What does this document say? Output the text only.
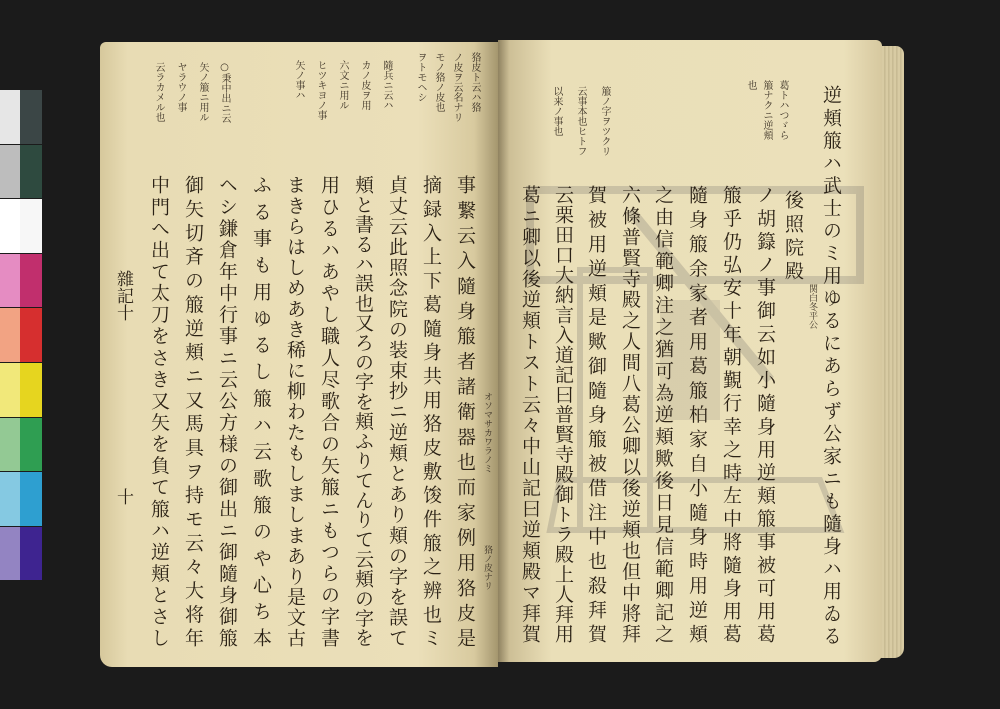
雜記十
十
狢皮ト云ハ狢
ノ皮ヲ云名ナリ
モノ狢ノ皮也
ヲトモヘシ
隨兵ニ云ハ
カノ皮ヲ用
六文ニ用ル
ヒツキヨノ事
矢ノ事ハ
○秉中出ニ云
矢ノ箙ニ用ル
ヤラウノ事
云ラカメル也
オソマサカワラノミ
狢ノ皮ナリ
事繋云入隨身箙者諸衛器也而家例用狢皮是
摘録入上下葛隨身共用狢皮敷馂件箙之辨也ミ
貞丈云此照念院の装束抄ニ逆頬とあり頬の字を誤て
頬と書るハ誤也又ろの字を頬ふりてんりて云頬の字を
用ひるハあやし職人尽歌合の矢箙ニもつらの字書
まきらはしめあき稀に柳わたもしましまあり是文古
ふる事も用ゆるし箙ハ云歌箙のや心ち本
ヘシ鎌倉年中行事ニ云公方様の御出ニ御隨身御箙
御矢切斉の箙逆頬ニ又馬具ヲ持モ云々大将年
中門へ出て太刀をさき又矢を負て箙ハ逆頬とさし
葛トハつゞら
箙ナクニ逆頬
也
箙ノ字ヲツクリ
云事本也ヒトフ
以来ノ事也
関白冬平公 逆頬箙ハ武士のミ用ゆるにあらず公家ニも隨身ハ用ゐる
後照院殿
ノ胡籙ノ事御云如小隨身用逆頬箙事被可用葛
箙乎仍弘安十年朝覲行幸之時左中將隨身用葛
隨身箙余家者用葛箙柏家自小隨身時用逆頬
之由信範卿注之猶可為逆頬歟後日見信範卿記之
六條普賢寺殿之人間八葛公卿以後逆頬也但中將拜
賀被用逆頬是歟御隨身箙被借注中也殺拜賀
云栗田口大納言入道記曰普賢寺殿御トラ殿上人拜用
葛ニ卿以後逆頬トスト云々中山記曰逆頬殿マ拜賀
